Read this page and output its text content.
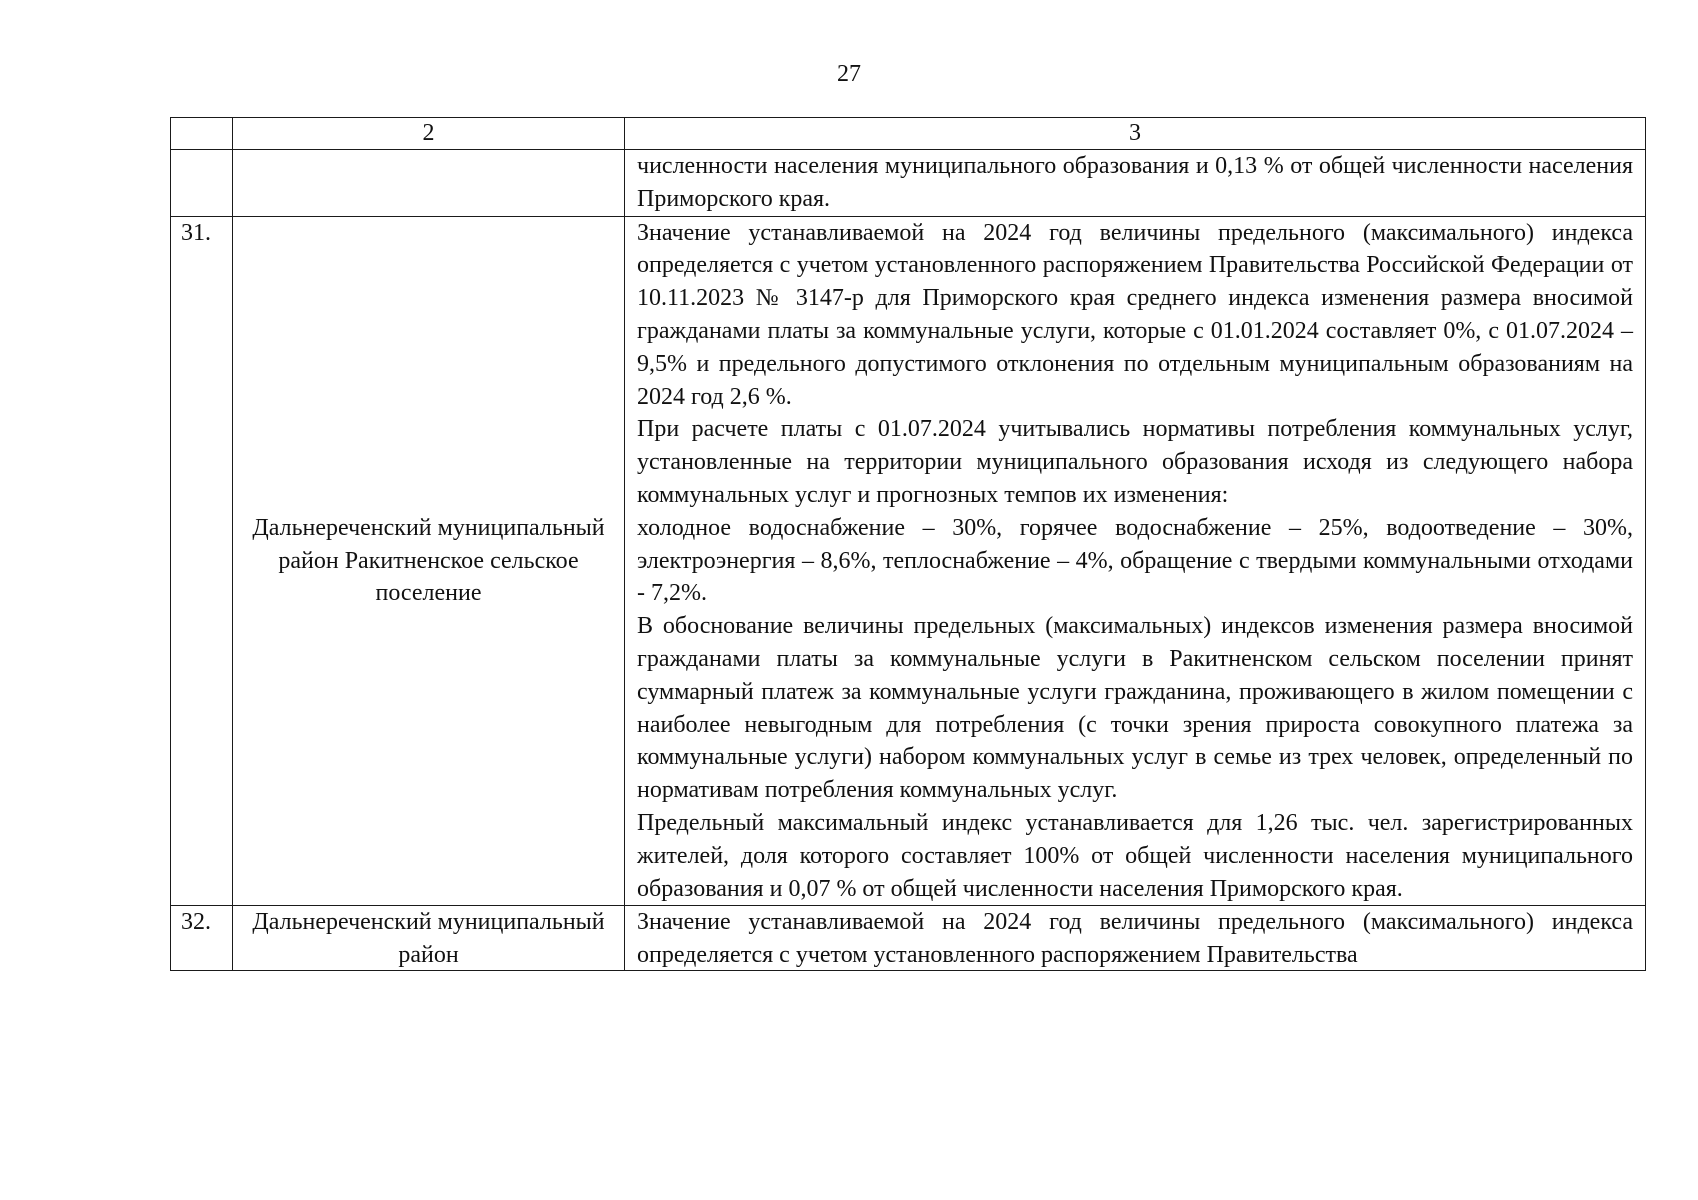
27
	2	3

		численности населения муниципального образования и 0,13 % от общей численности населения Приморского края.

31.	Дальнереченский муниципальный район Ракитненское сельское поселение	Значение устанавливаемой на 2024 год величины предельного (максимального) индекса определяется с учетом установленного распоряжением Правительства Российской Федерации от 10.11.2023 № 3147-р для Приморского края среднего индекса изменения размера вносимой гражданами платы за коммунальные услуги, которые с 01.01.2024 составляет 0%, с 01.07.2024 – 9,5% и предельного допустимого отклонения по отдельным муниципальным образованиям на 2024 год 2,6 %.
При расчете платы с 01.07.2024 учитывались нормативы потребления коммунальных услуг, установленные на территории муниципального образования исходя из следующего набора коммунальных услуг и прогнозных темпов их изменения:
холодное водоснабжение – 30%, горячее водоснабжение – 25%, водоотведение – 30%, электроэнергия – 8,6%, теплоснабжение – 4%, обращение с твердыми коммунальными отходами - 7,2%.
В обоснование величины предельных (максимальных) индексов изменения размера вносимой гражданами платы за коммунальные услуги в Ракитненском сельском поселении принят суммарный платеж за коммунальные услуги гражданина, проживающего в жилом помещении с наиболее невыгодным для потребления (с точки зрения прироста совокупного платежа за коммунальные услуги) набором коммунальных услуг в семье из трех человек, определенный по нормативам потребления коммунальных услуг.
Предельный максимальный индекс устанавливается для 1,26 тыс. чел. зарегистрированных жителей, доля которого составляет 100% от общей численности населения муниципального образования и 0,07 % от общей численности населения Приморского края.

32.	Дальнереченский муниципальный район	Значение устанавливаемой на 2024 год величины предельного (максимального) индекса определяется с учетом установленного распоряжением Правительства
